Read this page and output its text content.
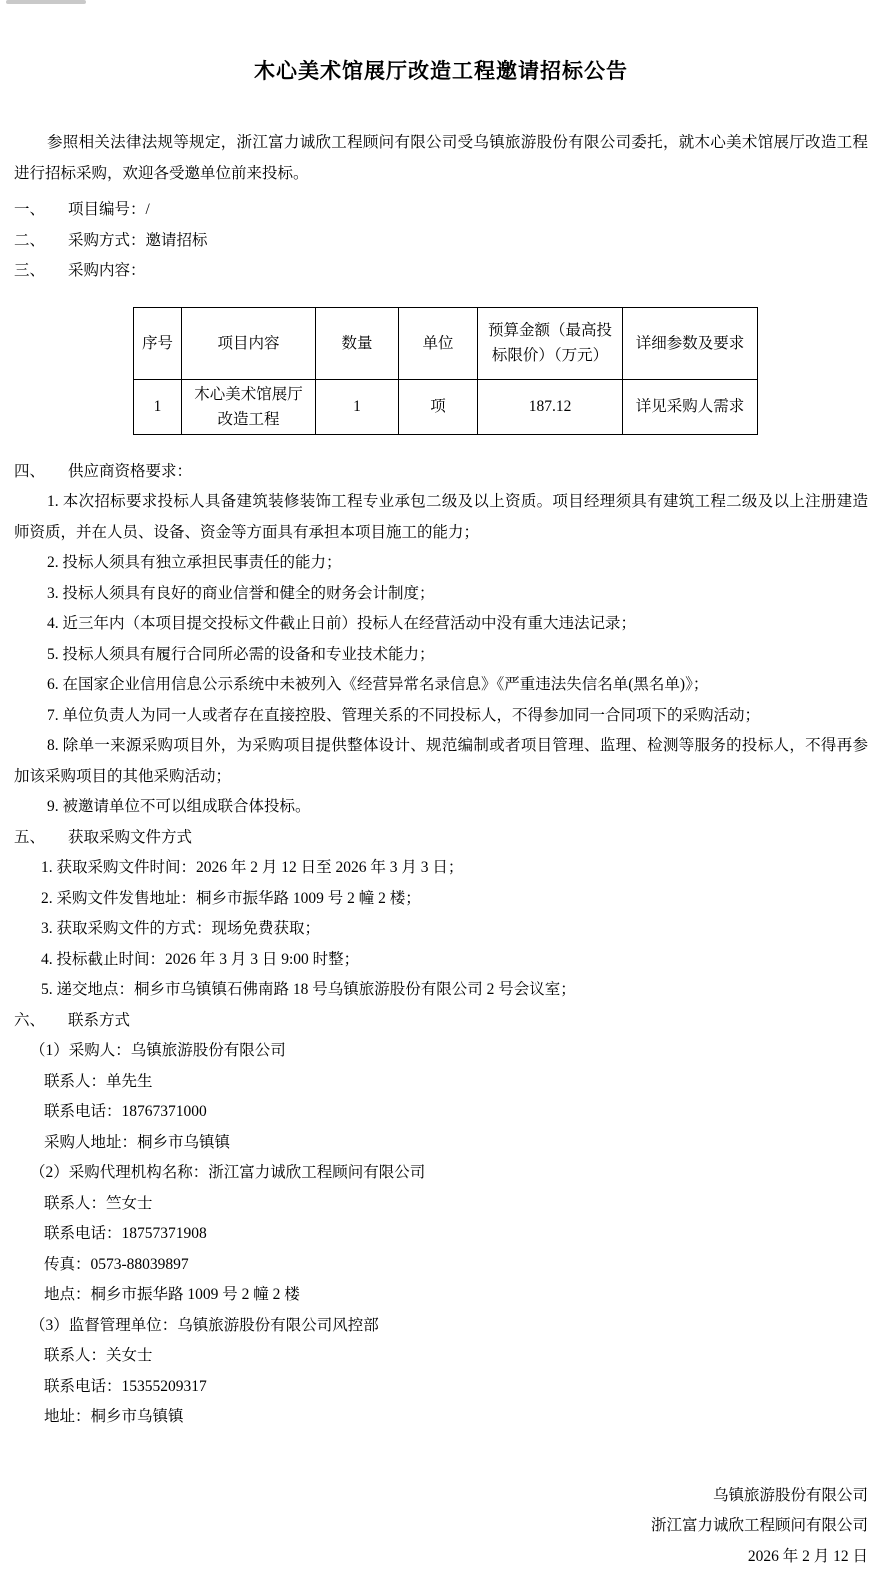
木心美术馆展厅改造工程邀请招标公告

参照相关法律法规等规定，浙江富力诚欣工程顾问有限公司受乌镇旅游股份有限公司委托，就木心美术馆展厅改造工程进行招标采购，欢迎各受邀单位前来投标。

一、 项目编号：/

二、 采购方式：邀请招标

三、 采购内容：

序号	项目内容	数量	单位	预算金额（最高投标限价）（万元）	详细参数及要求
1	木心美术馆展厅改造工程	1	项	187.12	详见采购人需求

四、 供应商资格要求：

1. 本次招标要求投标人具备建筑装修装饰工程专业承包二级及以上资质。项目经理须具有建筑工程二级及以上注册建造师资质，并在人员、设备、资金等方面具有承担本项目施工的能力；

2. 投标人须具有独立承担民事责任的能力；

3. 投标人须具有良好的商业信誉和健全的财务会计制度；

4. 近三年内（本项目提交投标文件截止日前）投标人在经营活动中没有重大违法记录；

5. 投标人须具有履行合同所必需的设备和专业技术能力；

6. 在国家企业信用信息公示系统中未被列入《经营异常名录信息》《严重违法失信名单(黑名单)》；

7. 单位负责人为同一人或者存在直接控股、管理关系的不同投标人，不得参加同一合同项下的采购活动；

8. 除单一来源采购项目外，为采购项目提供整体设计、规范编制或者项目管理、监理、检测等服务的投标人，不得再参加该采购项目的其他采购活动；

9. 被邀请单位不可以组成联合体投标。

五、 获取采购文件方式

1. 获取采购文件时间：2026 年 2 月 12 日至 2026 年 3 月 3 日；

2. 采购文件发售地址：桐乡市振华路 1009 号 2 幢 2 楼；

3. 获取采购文件的方式：现场免费获取；

4. 投标截止时间：2026 年 3 月 3 日 9:00 时整；

5. 递交地点：桐乡市乌镇镇石佛南路 18 号乌镇旅游股份有限公司 2 号会议室；

六、 联系方式

（1）采购人：乌镇旅游股份有限公司

联系人：单先生

联系电话：18767371000

采购人地址：桐乡市乌镇镇

（2）采购代理机构名称：浙江富力诚欣工程顾问有限公司

联系人：竺女士

联系电话：18757371908

传真：0573-88039897

地点：桐乡市振华路 1009 号 2 幢 2 楼

（3）监督管理单位：乌镇旅游股份有限公司风控部

联系人：关女士

联系电话：15355209317

地址：桐乡市乌镇镇

乌镇旅游股份有限公司

浙江富力诚欣工程顾问有限公司

2026 年 2 月 12 日
